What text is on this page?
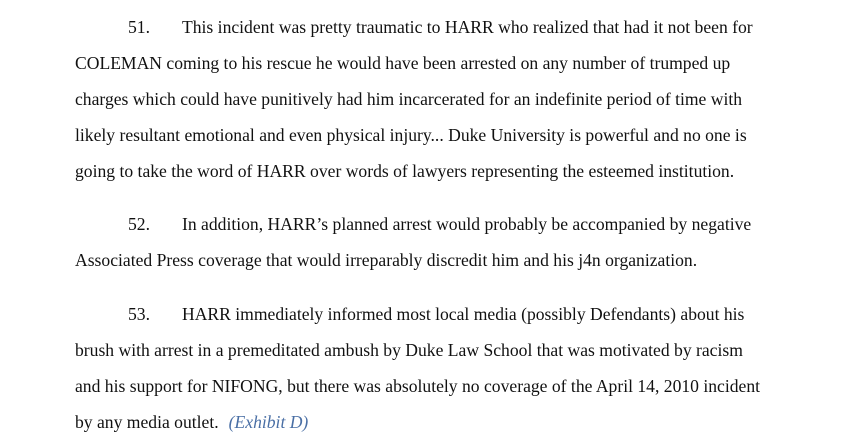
51. This incident was pretty traumatic to HARR who realized that had it not been for
COLEMAN coming to his rescue he would have been arrested on any number of trumped up
charges which could have punitively had him incarcerated for an indefinite period of time with
likely resultant emotional and even physical injury... Duke University is powerful and no one is
going to take the word of HARR over words of lawyers representing the esteemed institution.
52. In addition, HARR’s planned arrest would probably be accompanied by negative
Associated Press coverage that would irreparably discredit him and his j4n organization.
53. HARR immediately informed most local media (possibly Defendants) about his
brush with arrest in a premeditated ambush by Duke Law School that was motivated by racism
and his support for NIFONG, but there was absolutely no coverage of the April 14, 2010 incident
by any media outlet. (Exhibit D)
